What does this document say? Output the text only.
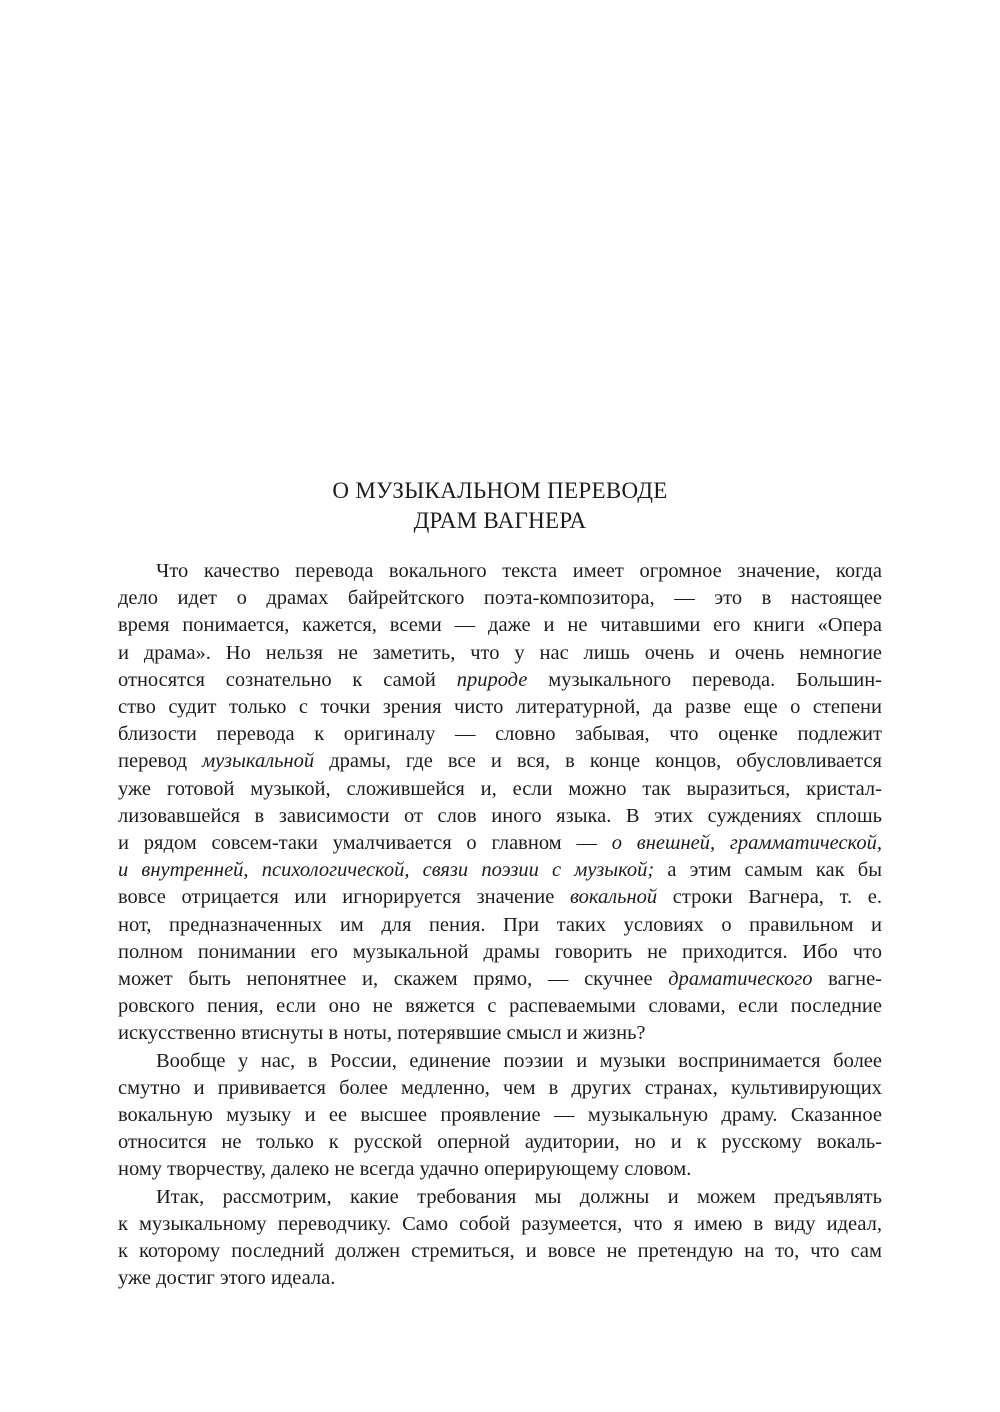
О МУЗЫКАЛЬНОМ ПЕРЕВОДЕ
ДРАМ ВАГНЕРА

Что качество перевода вокального текста имеет огромное значение, когда
дело идет о драмах байрейтского поэта-композитора, — это в настоящее
время понимается, кажется, всеми — даже и не читавшими его книги «Опера
и драма». Но нельзя не заметить, что у нас лишь очень и очень немногие
относятся сознательно к самой природе музыкального перевода. Большин-
ство судит только с точки зрения чисто литературной, да разве еще о степени
близости перевода к оригиналу — словно забывая, что оценке подлежит
перевод музыкальной драмы, где все и вся, в конце концов, обусловливается
уже готовой музыкой, сложившейся и, если можно так выразиться, кристал-
лизовавшейся в зависимости от слов иного языка. В этих суждениях сплошь
и рядом совсем-таки умалчивается о главном — о внешней, грамматической,
и внутренней, психологической, связи поэзии с музыкой; а этим самым как бы
вовсе отрицается или игнорируется значение вокальной строки Вагнера, т. е.
нот, предназначенных им для пения. При таких условиях о правильном и
полном понимании его музыкальной драмы говорить не приходится. Ибо что
может быть непонятнее и, скажем прямо, — скучнее драматического вагне-
ровского пения, если оно не вяжется с распеваемыми словами, если последние
искусственно втиснуты в ноты, потерявшие смысл и жизнь?

Вообще у нас, в России, единение поэзии и музыки воспринимается более
смутно и прививается более медленно, чем в других странах, культивирующих
вокальную музыку и ее высшее проявление — музыкальную драму. Сказанное
относится не только к русской оперной аудитории, но и к русскому вокаль-
ному творчеству, далеко не всегда удачно оперирующему словом.

Итак, рассмотрим, какие требования мы должны и можем предъявлять
к музыкальному переводчику. Само собой разумеется, что я имею в виду идеал,
к которому последний должен стремиться, и вовсе не претендую на то, что сам
уже достиг этого идеала.
